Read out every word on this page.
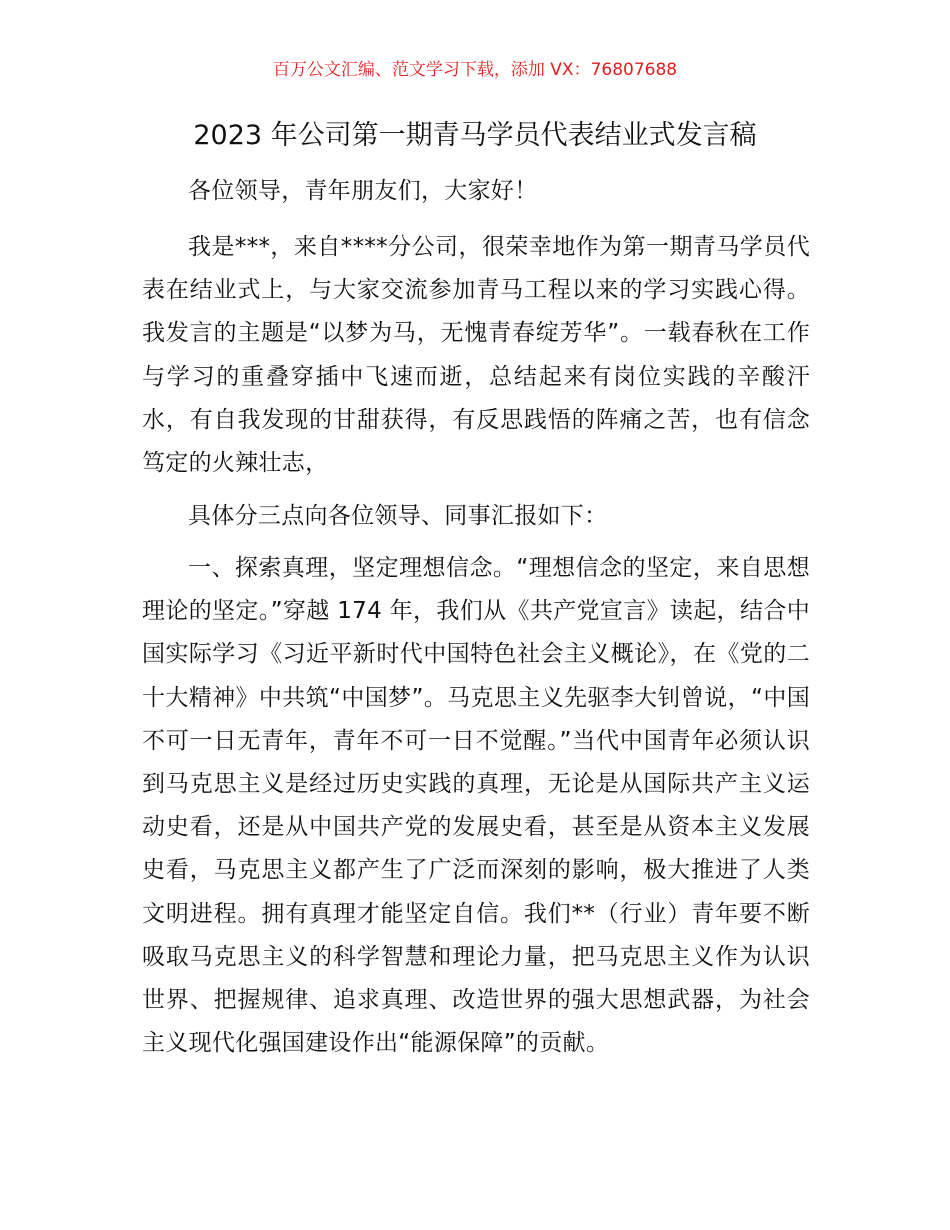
百万公文汇编、范文学习下载，添加 VX：76807688
2023 年公司第一期青马学员代表结业式发言稿

各位领导，青年朋友们，大家好！

我是***，来自****分公司，很荣幸地作为第一期青马学员代表在结业式上，与大家交流参加青马工程以来的学习实践心得。我发言的主题是“以梦为马，无愧青春绽芳华”。一载春秋在工作与学习的重叠穿插中飞速而逝，总结起来有岗位实践的辛酸汗水，有自我发现的甘甜获得，有反思践悟的阵痛之苦，也有信念笃定的火辣壮志，

具体分三点向各位领导、同事汇报如下：

一、探索真理，坚定理想信念。“理想信念的坚定，来自思想理论的坚定。”穿越 174 年，我们从《共产党宣言》读起，结合中国实际学习《习近平新时代中国特色社会主义概论》，在《党的二十大精神》中共筑“中国梦”。马克思主义先驱李大钊曾说，“中国不可一日无青年，青年不可一日不觉醒。”当代中国青年必须认识到马克思主义是经过历史实践的真理，无论是从国际共产主义运动史看，还是从中国共产党的发展史看，甚至是从资本主义发展史看，马克思主义都产生了广泛而深刻的影响，极大推进了人类文明进程。拥有真理才能坚定自信。我们**（行业）青年要不断吸取马克思主义的科学智慧和理论力量，把马克思主义作为认识世界、把握规律、追求真理、改造世界的强大思想武器，为社会主义现代化强国建设作出“能源保障”的贡献。
